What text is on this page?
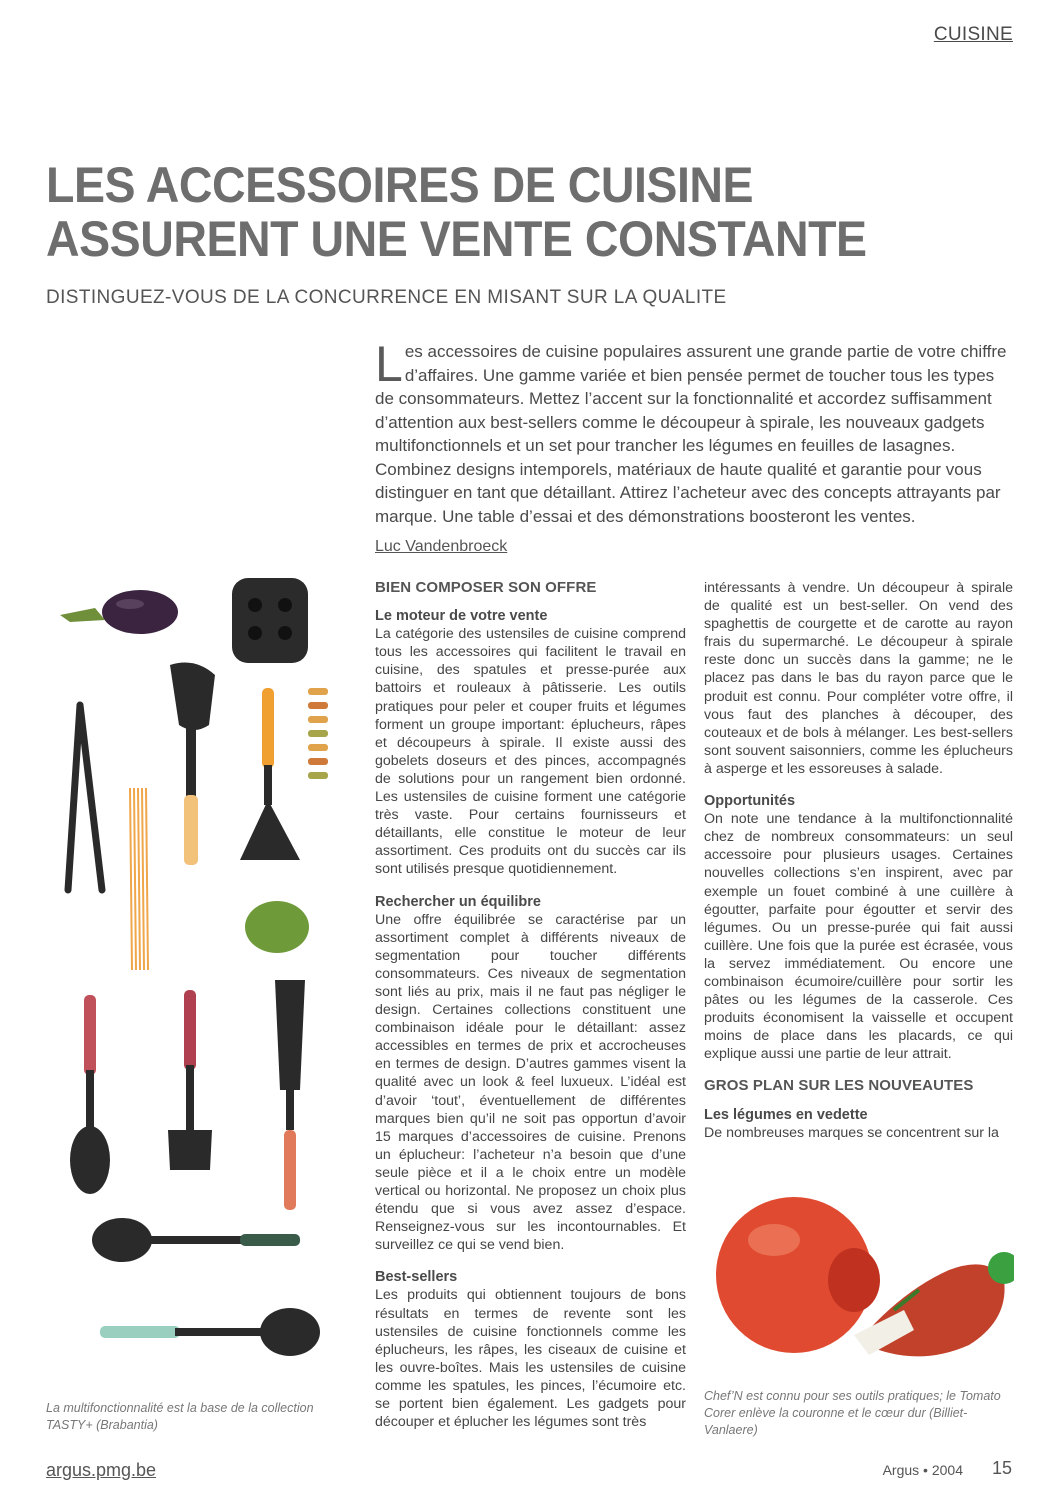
CUISINE
LES ACCESSOIRES DE CUISINE ASSURENT UNE VENTE CONSTANTE
DISTINGUEZ-VOUS DE LA CONCURRENCE EN MISANT SUR LA QUALITE
Les accessoires de cuisine populaires assurent une grande partie de votre chiffre d’affaires. Une gamme variée et bien pensée permet de toucher tous les types de consommateurs. Mettez l’accent sur la fonctionnalité et accordez suffisamment d’attention aux best-sellers comme le découpeur à spirale, les nouveaux gadgets multifonctionnels et un set pour trancher les légumes en feuilles de lasagnes. Combinez designs intemporels, matériaux de haute qualité et garantie pour vous distinguer en tant que détaillant. Attirez l’acheteur avec des concepts attrayants par marque. Une table d’essai et des démonstrations boosteront les ventes.
Luc Vandenbroeck
La multifonctionnalité est la base de la collection TASTY+ (Brabantia)
BIEN COMPOSER SON OFFRE
Le moteur de votre vente

La catégorie des ustensiles de cuisine comprend tous les accessoires qui facilitent le travail en cuisine, des spatules et presse-purée aux battoirs et rouleaux à pâtisserie. Les outils pratiques pour peler et couper fruits et légumes forment un groupe important: éplucheurs, râpes et découpeurs à spirale. Il existe aussi des gobelets doseurs et des pinces, accompagnés de solutions pour un rangement bien ordonné. Les ustensiles de cuisine forment une catégorie très vaste. Pour certains fournisseurs et détaillants, elle constitue le moteur de leur assortiment. Ces produits ont du succès car ils sont utilisés presque quotidiennement.

Rechercher un équilibre

Une offre équilibrée se caractérise par un assortiment complet à différents niveaux de segmentation pour toucher différents consommateurs. Ces niveaux de segmentation sont liés au prix, mais il ne faut pas négliger le design. Certaines collections constituent une combinaison idéale pour le détaillant: assez accessibles en termes de prix et accrocheuses en termes de design. D’autres gammes visent la qualité avec un look & feel luxueux. L’idéal est d’avoir ‘tout’, éventuellement de différentes marques bien qu’il ne soit pas opportun d’avoir 15 marques d’accessoires de cuisine. Prenons un éplucheur: l’acheteur n’a besoin que d’une seule pièce et il a le choix entre un modèle vertical ou horizontal. Ne proposez un choix plus étendu que si vous avez assez d’espace. Renseignez-vous sur les incontournables. Et surveillez ce qui se vend bien.

Best-sellers

Les produits qui obtiennent toujours de bons résultats en termes de revente sont les ustensiles de cuisine fonctionnels comme les éplucheurs, les râpes, les ciseaux de cuisine et les ouvre-boîtes. Mais les ustensiles de cuisine comme les spatules, les pinces, l’écumoire etc. se portent bien également. Les gadgets pour découper et éplucher les légumes sont très

intéressants à vendre. Un découpeur à spirale de qualité est un best-seller. On vend des spaghettis de courgette et de carotte au rayon frais du supermarché. Le découpeur à spirale reste donc un succès dans la gamme; ne le placez pas dans le bas du rayon parce que le produit est connu. Pour compléter votre offre, il vous faut des planches à découper, des couteaux et de bols à mélanger. Les best-sellers sont souvent saisonniers, comme les éplucheurs à asperge et les essoreuses à salade.

Opportunités

On note une tendance à la multifonctionnalité chez de nombreux consommateurs: un seul accessoire pour plusieurs usages. Certaines nouvelles collections s’en inspirent, avec par exemple un fouet combiné à une cuillère à égoutter, parfaite pour égoutter et servir des légumes. Ou un presse-purée qui fait aussi cuillère. Une fois que la purée est écrasée, vous la servez immédiatement. Ou encore une combinaison écumoire/cuillère pour sortir les pâtes ou les légumes de la casserole. Ces produits économisent la vaisselle et occupent moins de place dans les placards, ce qui explique aussi une partie de leur attrait.

GROS PLAN SUR LES NOUVEAUTES
Les légumes en vedette

De nombreuses marques se concentrent sur la

Chef’N est connu pour ses outils pratiques; le Tomato Corer enlève la couronne et le cœur dur (Billiet-Vanlaere)
argus.pmg.be	Argus • 2004 15
